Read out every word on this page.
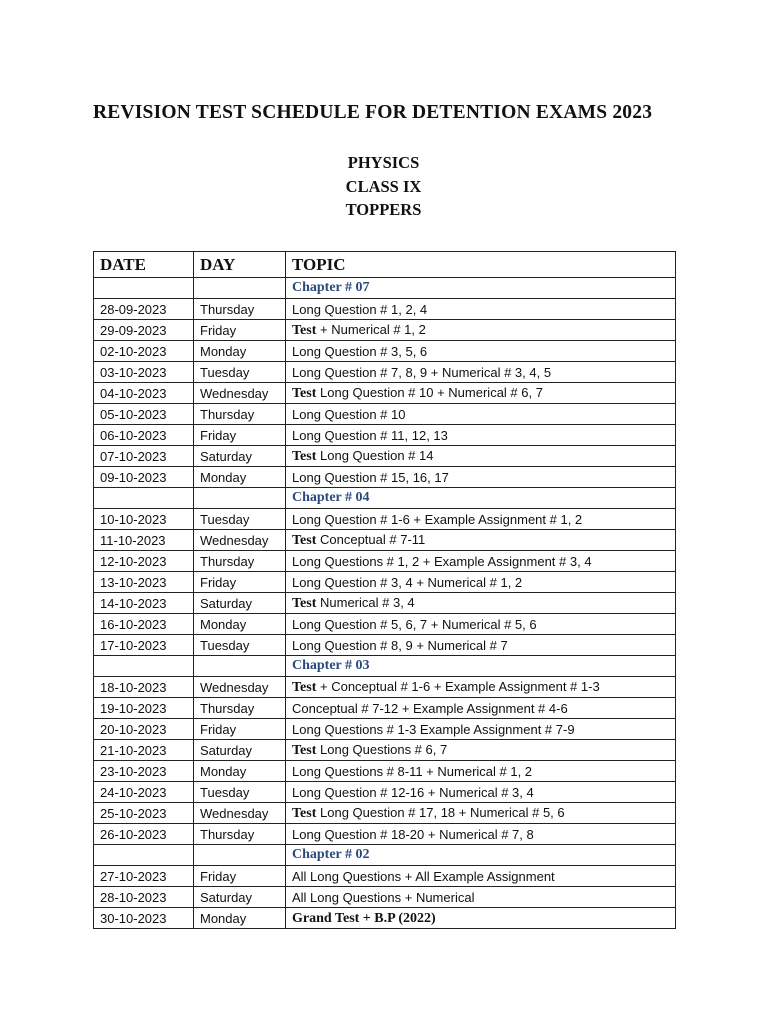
REVISION TEST SCHEDULE FOR DETENTION EXAMS 2023
PHYSICS
CLASS IX
TOPPERS
DATE	DAY	TOPIC
		Chapter # 07
28-09-2023	Thursday	Long Question # 1, 2, 4
29-09-2023	Friday	Test + Numerical # 1, 2
02-10-2023	Monday	Long Question # 3, 5, 6
03-10-2023	Tuesday	Long Question # 7, 8, 9 + Numerical # 3, 4, 5
04-10-2023	Wednesday	Test Long Question # 10 + Numerical # 6, 7
05-10-2023	Thursday	Long Question # 10
06-10-2023	Friday	Long Question # 11, 12, 13
07-10-2023	Saturday	Test Long Question # 14
09-10-2023	Monday	Long Question # 15, 16, 17
		Chapter # 04
10-10-2023	Tuesday	Long Question # 1-6 + Example Assignment # 1, 2
11-10-2023	Wednesday	Test Conceptual # 7-11
12-10-2023	Thursday	Long Questions # 1, 2 + Example Assignment # 3, 4
13-10-2023	Friday	Long Question # 3, 4 + Numerical # 1, 2
14-10-2023	Saturday	Test Numerical # 3, 4
16-10-2023	Monday	Long Question # 5, 6, 7 + Numerical # 5, 6
17-10-2023	Tuesday	Long Question # 8, 9 + Numerical # 7
		Chapter # 03
18-10-2023	Wednesday	Test + Conceptual # 1-6 + Example Assignment # 1-3
19-10-2023	Thursday	Conceptual # 7-12 + Example Assignment # 4-6
20-10-2023	Friday	Long Questions # 1-3 Example Assignment # 7-9
21-10-2023	Saturday	Test Long Questions # 6, 7
23-10-2023	Monday	Long Questions # 8-11 + Numerical # 1, 2
24-10-2023	Tuesday	Long Question # 12-16 + Numerical # 3, 4
25-10-2023	Wednesday	Test Long Question # 17, 18 + Numerical # 5, 6
26-10-2023	Thursday	Long Question # 18-20 + Numerical # 7, 8
		Chapter # 02
27-10-2023	Friday	All Long Questions + All Example Assignment
28-10-2023	Saturday	All Long Questions + Numerical
30-10-2023	Monday	Grand Test + B.P (2022)
